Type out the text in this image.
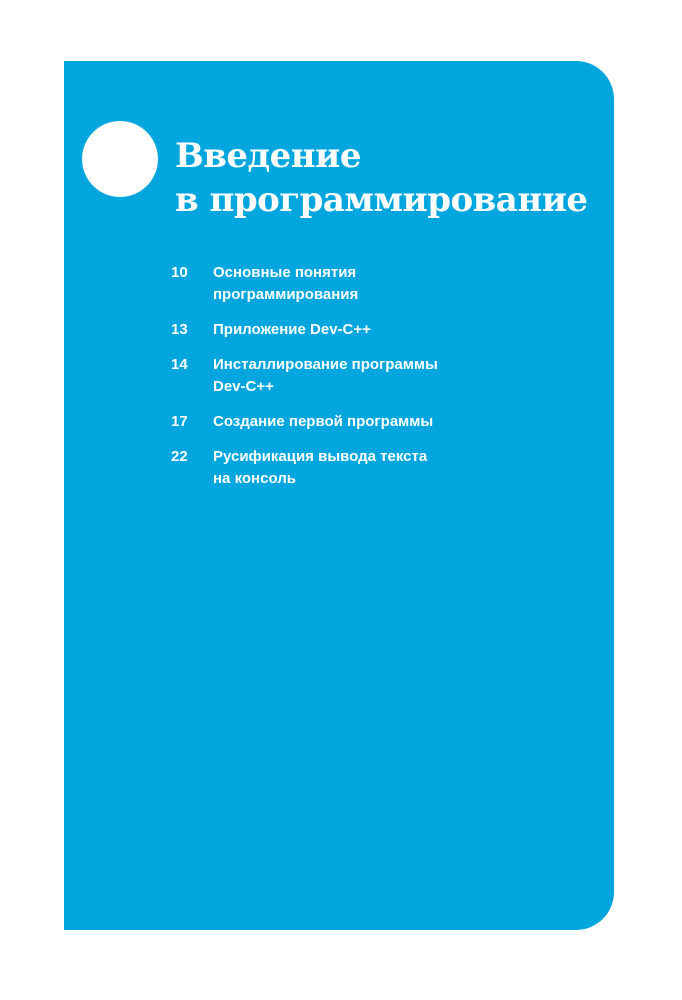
Введение
в программирование
10	Основные понятия
программирования
13	Приложение Dev-C++
14	Инсталлирование программы
Dev-C++
17	Создание первой программы
22	Русификация вывода текста
на консоль
